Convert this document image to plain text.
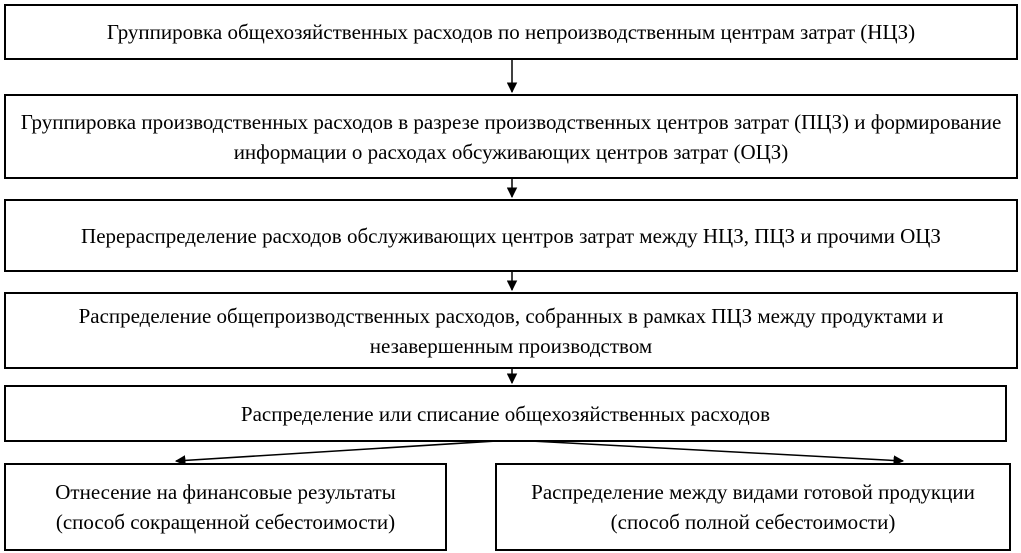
Группировка общехозяйственных расходов по непроизводственным центрам затрат (НЦЗ)
Группировка производственных расходов в разрезе производственных центров затрат (ПЦЗ) и формирование информации о расходах обсуживающих центров затрат (ОЦЗ)
Перераспределение расходов обслуживающих центров затрат между НЦЗ, ПЦЗ и прочими ОЦЗ
Распределение общепроизводственных расходов, собранных в рамках ПЦЗ между продуктами и незавершенным производством
Распределение или списание общехозяйственных расходов
Отнесение на финансовые результаты (способ сокращенной себестоимости)
Распределение между видами готовой продукции (способ полной себестоимости)
